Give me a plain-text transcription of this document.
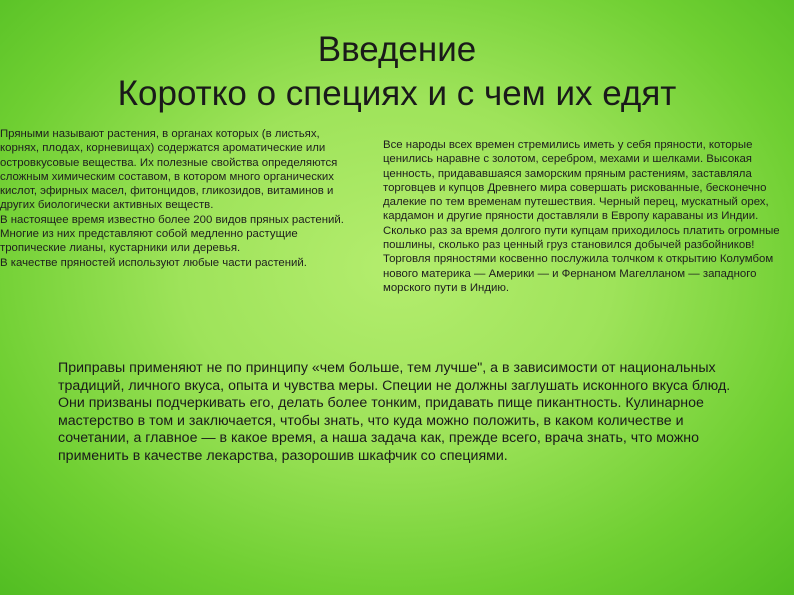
Введение
Коротко о специях и с чем их едят

Пряными называют растения, в органах которых (в листьях, корнях, плодах, корневищах) содержатся ароматические или островкусовые вещества. Их полезные свойства определяются сложным химическим составом, в котором много органических кислот, эфирных масел, фитонцидов, гликозидов, витаминов и других биологически активных веществ.

В настоящее время известно более 200 видов пряных растений. Многие из них представляют собой медленно растущие тропические лианы, кустарники или деревья.

В качестве пряностей используют любые части растений.

Все народы всех времен стремились иметь у себя пряности, которые ценились наравне с золотом, серебром, мехами и шелками. Высокая ценность, придававшаяся заморским пряным растениям, заставляла торговцев и купцов Древнего мира совершать рискованные, бесконечно далекие по тем временам путешествия. Черный перец, мускатный орех, кардамон и другие пряности доставляли в Европу караваны из Индии. Сколько раз за время долгого пути купцам приходилось платить огромные пошлины, сколько раз ценный груз становился добычей разбойников!

Торговля пряностями косвенно послужила толчком к открытию Колумбом нового материка — Америки — и Фернаном Магелланом — западного морского пути в Индию.

Приправы применяют не по принципу «чем больше, тем лучше", а в зависимости от национальных традиций, личного вкуса, опыта и чувства меры. Специи не должны заглушать исконного вкуса блюд. Они призваны подчеркивать его, делать более тонким, придавать пище пикантность. Кулинарное мастерство в том и заключается, чтобы знать, что куда можно положить, в каком количестве и сочетании, а главное — в какое время, а наша задача как, прежде всего, врача знать, что можно применить в качестве лекарства, разорошив шкафчик со специями.
